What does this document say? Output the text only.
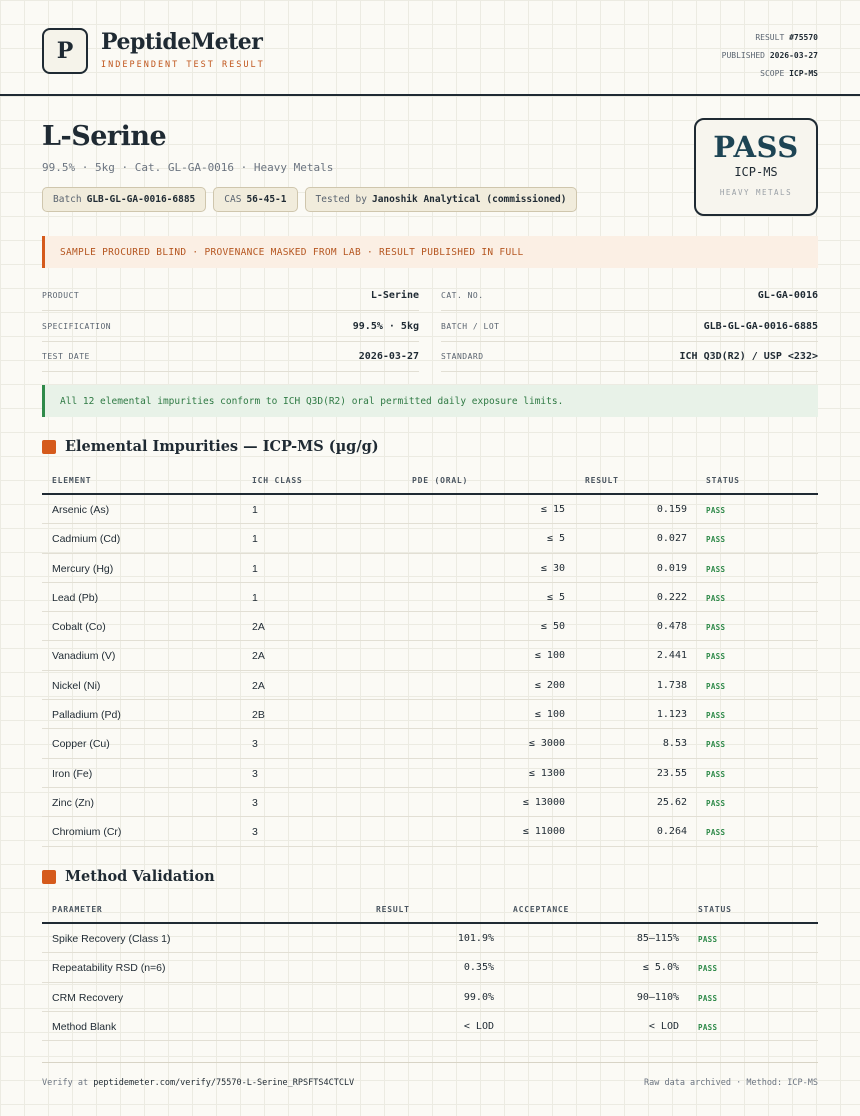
P	PeptideMeter
INDEPENDENT TEST RESULT
RESULT #75570
PUBLISHED 2026-03-27
SCOPE ICP-MS
L-Serine
99.5% · 5kg · Cat. GL-GA-0016 · Heavy Metals
Batch GLB-GL-GA-0016-6885	CAS 56-45-1	Tested by Janoshik Analytical (commissioned)
PASS
ICP-MS
HEAVY METALS
SAMPLE PROCURED BLIND · PROVENANCE MASKED FROM LAB · RESULT PUBLISHED IN FULL
PRODUCT	L-Serine
SPECIFICATION	99.5% · 5kg
TEST DATE	2026-03-27
CAT. NO.	GL-GA-0016
BATCH / LOT	GLB-GL-GA-0016-6885
STANDARD	ICH Q3D(R2) / USP <232>
All 12 elemental impurities conform to ICH Q3D(R2) oral permitted daily exposure limits.
Elemental Impurities — ICP-MS (µg/g)
ELEMENT	ICH CLASS	PDE (ORAL)	RESULT	STATUS
Arsenic (As)	1	≤ 15	0.159	PASS
Cadmium (Cd)	1	≤ 5	0.027	PASS
Mercury (Hg)	1	≤ 30	0.019	PASS
Lead (Pb)	1	≤ 5	0.222	PASS
Cobalt (Co)	2A	≤ 50	0.478	PASS
Vanadium (V)	2A	≤ 100	2.441	PASS
Nickel (Ni)	2A	≤ 200	1.738	PASS
Palladium (Pd)	2B	≤ 100	1.123	PASS
Copper (Cu)	3	≤ 3000	8.53	PASS
Iron (Fe)	3	≤ 1300	23.55	PASS
Zinc (Zn)	3	≤ 13000	25.62	PASS
Chromium (Cr)	3	≤ 11000	0.264	PASS
Method Validation
PARAMETER	RESULT	ACCEPTANCE	STATUS
Spike Recovery (Class 1)	101.9%	85–115%	PASS
Repeatability RSD (n=6)	0.35%	≤ 5.0%	PASS
CRM Recovery	99.0%	90–110%	PASS
Method Blank	< LOD	< LOD	PASS
Verify at peptidemeter.com/verify/75570-L-Serine_RPSFTS4CTCLV	Raw data archived · Method: ICP-MS
